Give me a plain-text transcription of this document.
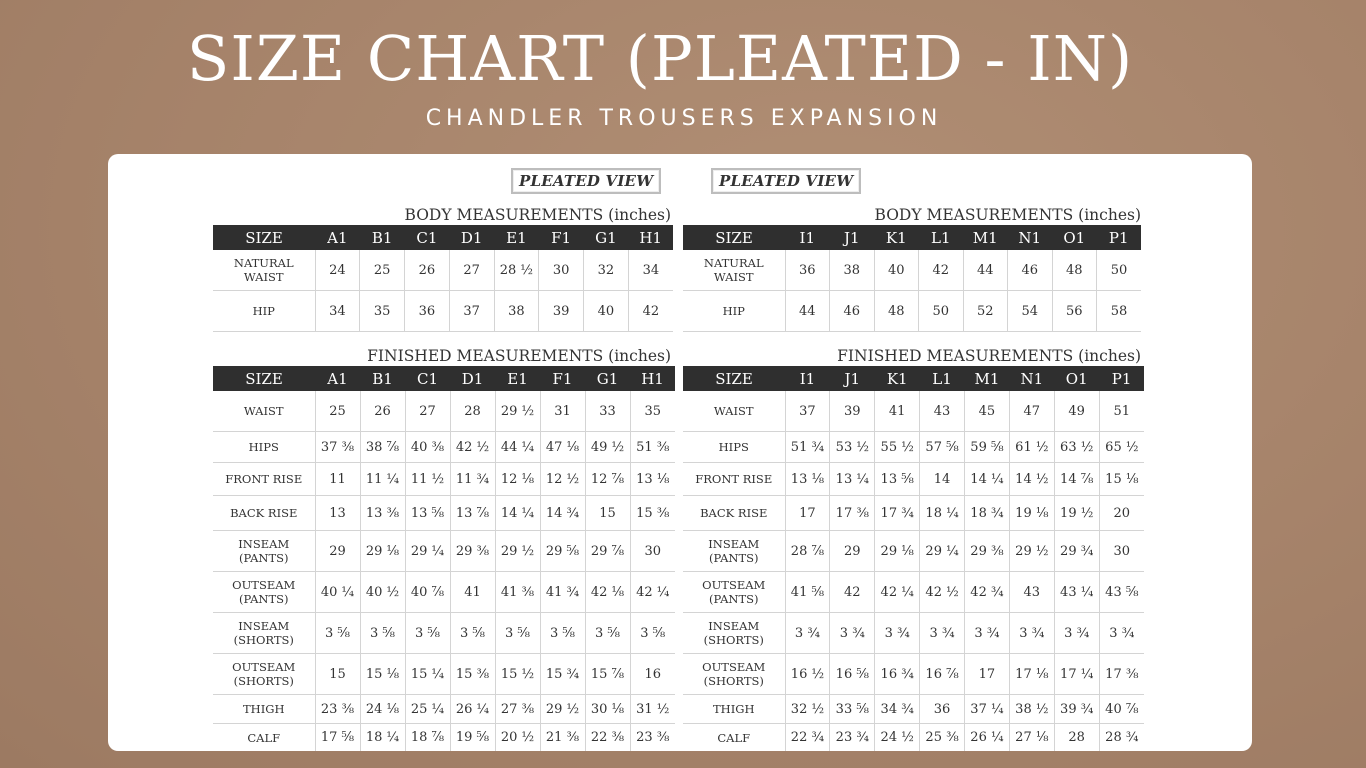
SIZE CHART (PLEATED - IN)
CHANDLER TROUSERS EXPANSION
PLEATED VIEW	PLEATED VIEW
BODY MEASUREMENTS (inches)
SIZE	A1	B1	C1	D1	E1	F1	G1	H1
NATURAL WAIST	24	25	26	27	28 ½	30	32	34
HIP	34	35	36	37	38	39	40	42
FINISHED MEASUREMENTS (inches)
SIZE	A1	B1	C1	D1	E1	F1	G1	H1
WAIST	25	26	27	28	29 ½	31	33	35
HIPS	37 ⅜	38 ⅞	40 ⅜	42 ½	44 ¼	47 ⅛	49 ½	51 ⅜
FRONT RISE	11	11 ¼	11 ½	11 ¾	12 ⅛	12 ½	12 ⅞	13 ⅛
BACK RISE	13	13 ⅜	13 ⅝	13 ⅞	14 ¼	14 ¾	15	15 ⅜
INSEAM (PANTS)	29	29 ⅛	29 ¼	29 ⅜	29 ½	29 ⅝	29 ⅞	30
OUTSEAM (PANTS)	40 ¼	40 ½	40 ⅞	41	41 ⅜	41 ¾	42 ⅛	42 ¼
INSEAM (SHORTS)	3 ⅝	3 ⅝	3 ⅝	3 ⅝	3 ⅝	3 ⅝	3 ⅝	3 ⅝
OUTSEAM (SHORTS)	15	15 ⅛	15 ¼	15 ⅜	15 ½	15 ¾	15 ⅞	16
THIGH	23 ⅜	24 ⅛	25 ¼	26 ¼	27 ⅜	29 ½	30 ⅛	31 ½
CALF	17 ⅝	18 ¼	18 ⅞	19 ⅝	20 ½	21 ⅜	22 ⅜	23 ⅜
BODY MEASUREMENTS (inches)
SIZE	I1	J1	K1	L1	M1	N1	O1	P1
NATURAL WAIST	36	38	40	42	44	46	48	50
HIP	44	46	48	50	52	54	56	58
FINISHED MEASUREMENTS (inches)
SIZE	I1	J1	K1	L1	M1	N1	O1	P1
WAIST	37	39	41	43	45	47	49	51
HIPS	51 ¾	53 ½	55 ½	57 ⅝	59 ⅝	61 ½	63 ½	65 ½
FRONT RISE	13 ⅛	13 ¼	13 ⅝	14	14 ¼	14 ½	14 ⅞	15 ⅛
BACK RISE	17	17 ⅜	17 ¾	18 ¼	18 ¾	19 ⅛	19 ½	20
INSEAM (PANTS)	28 ⅞	29	29 ⅛	29 ¼	29 ⅜	29 ½	29 ¾	30
OUTSEAM (PANTS)	41 ⅝	42	42 ¼	42 ½	42 ¾	43	43 ¼	43 ⅝
INSEAM (SHORTS)	3 ¾	3 ¾	3 ¾	3 ¾	3 ¾	3 ¾	3 ¾	3 ¾
OUTSEAM (SHORTS)	16 ½	16 ⅝	16 ¾	16 ⅞	17	17 ⅛	17 ¼	17 ⅜
THIGH	32 ½	33 ⅝	34 ¾	36	37 ¼	38 ½	39 ¾	40 ⅞
CALF	22 ¾	23 ¾	24 ½	25 ⅜	26 ¼	27 ⅛	28	28 ¾
